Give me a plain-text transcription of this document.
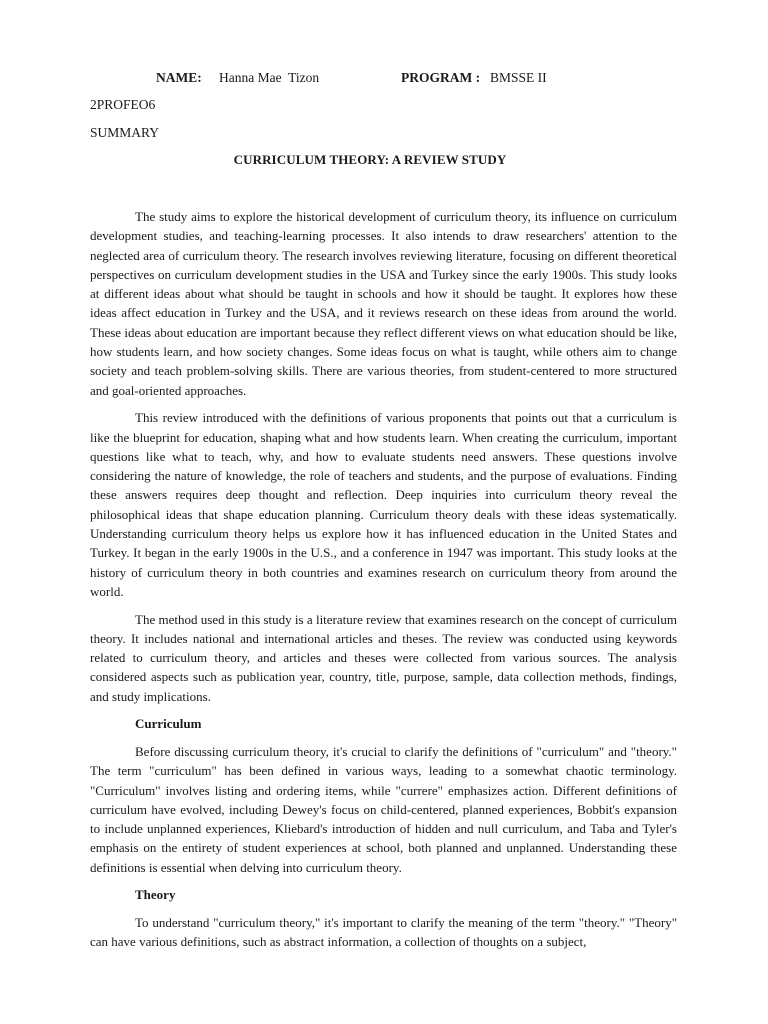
NAME: Hanna Mae  Tizon	PROGRAM : BMSSE II
2PROFEO6
SUMMARY
CURRICULUM THEORY: A REVIEW STUDY

The study aims to explore the historical development of curriculum theory, its influence on curriculum development studies, and teaching-learning processes. It also intends to draw researchers' attention to the neglected area of curriculum theory. The research involves reviewing literature, focusing on different theoretical perspectives on curriculum development studies in the USA and Turkey since the early 1900s. This study looks at different ideas about what should be taught in schools and how it should be taught. It explores how these ideas affect education in Turkey and the USA, and it reviews research on these ideas from around the world. These ideas about education are important because they reflect different views on what education should be like, how students learn, and how society changes. Some ideas focus on what is taught, while others aim to change society and teach problem-solving skills. There are various theories, from student-centered to more structured and goal-oriented approaches.

This review introduced with the definitions of various proponents that points out that a curriculum is like the blueprint for education, shaping what and how students learn. When creating the curriculum, important questions like what to teach, why, and how to evaluate students need answers. These questions involve considering the nature of knowledge, the role of teachers and students, and the purpose of evaluations. Finding these answers requires deep thought and reflection. Deep inquiries into curriculum theory reveal the philosophical ideas that shape education planning. Curriculum theory deals with these ideas systematically. Understanding curriculum theory helps us explore how it has influenced education in the United States and Turkey. It began in the early 1900s in the U.S., and a conference in 1947 was important. This study looks at the history of curriculum theory in both countries and examines research on curriculum theory from around the world.

The method used in this study is a literature review that examines research on the concept of curriculum theory. It includes national and international articles and theses. The review was conducted using keywords related to curriculum theory, and articles and theses were collected from various sources. The analysis considered aspects such as publication year, country, title, purpose, sample, data collection methods, findings, and study implications.

Curriculum

Before discussing curriculum theory, it's crucial to clarify the definitions of "curriculum" and "theory." The term "curriculum" has been defined in various ways, leading to a somewhat chaotic terminology. "Curriculum" involves listing and ordering items, while "currere" emphasizes action. Different definitions of curriculum have evolved, including Dewey's focus on child-centered, planned experiences, Bobbit's expansion to include unplanned experiences, Kliebard's introduction of hidden and null curriculum, and Taba and Tyler's emphasis on the entirety of student experiences at school, both planned and unplanned. Understanding these definitions is essential when delving into curriculum theory.

Theory

To understand "curriculum theory," it's important to clarify the meaning of the term "theory." "Theory" can have various definitions, such as abstract information, a collection of thoughts on a subject,
